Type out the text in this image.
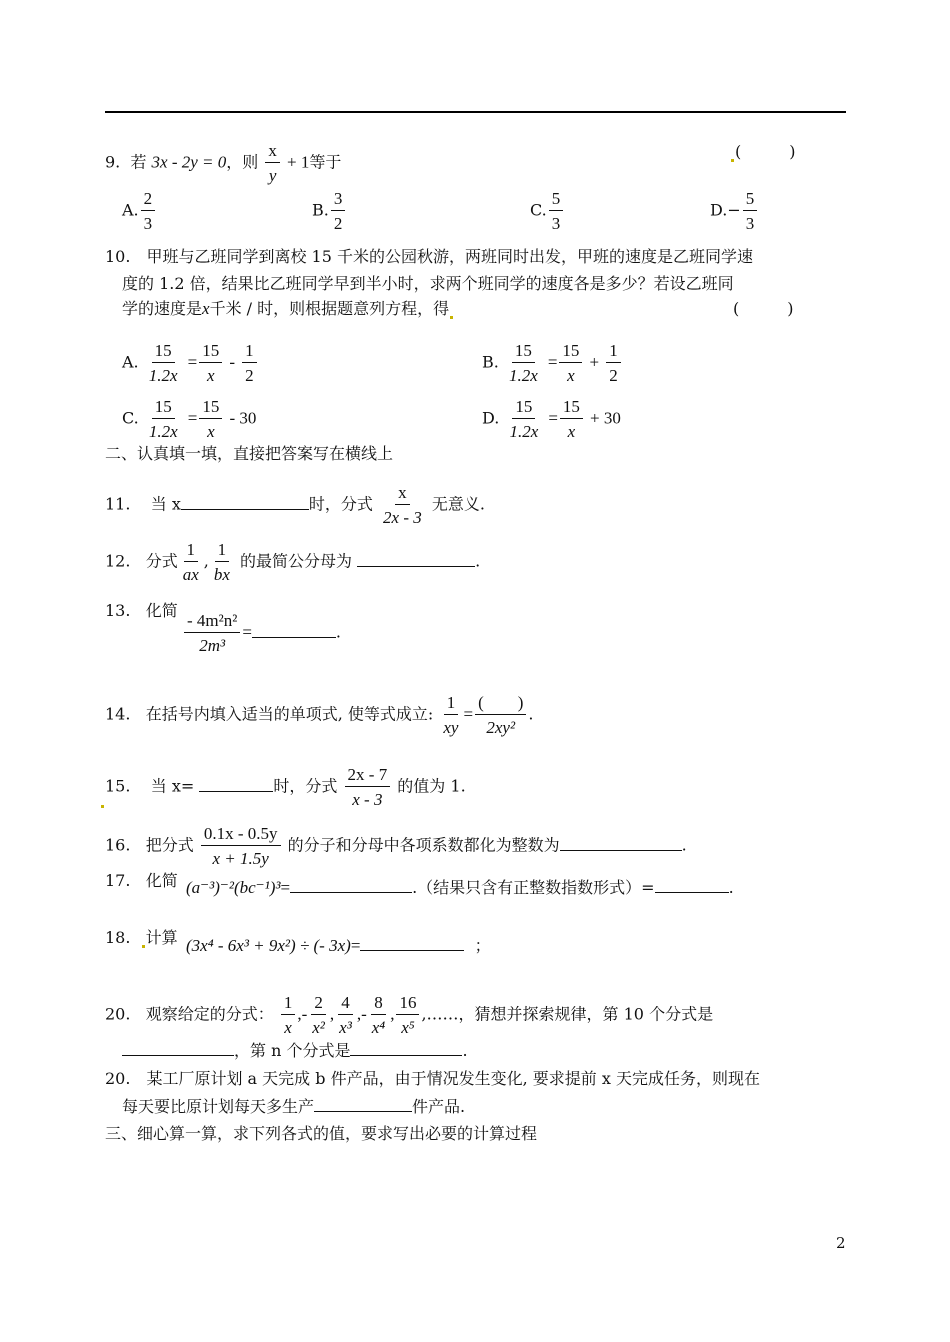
9. 若 3x - 2y = 0，则 $\frac{x}{y} + 1$等于
(　　　)
A. $\frac{2}{3}$	B. $\frac{3}{2}$	C. $\frac{5}{3}$	$D.- \frac{5}{3}$
10.　甲班与乙班同学到离校 15 千米的公园秋游，两班同时出发，甲班的速度是乙班同学速
度的 1.2 倍，结果比乙班同学早到半小时，求两个班同学的速度各是多少？若设乙班同
学的速度是x千米 / 时，则根据题意列方程，得	(　　　)
A. $\frac{15}{1.2x} = \frac{15}{x} - \frac{1}{2}$	B. $\frac{15}{1.2x} = \frac{15}{x} + \frac{1}{2}$
C. $\frac{15}{1.2x} = \frac{15}{x} - 30$	D. $\frac{15}{1.2x} = \frac{15}{x} + 30$
二、认真填一填，直接把答案写在横线上
11. 当 x	时，分式 $\frac{x}{2x - 3}$ 无意义.
12. 分式 $\frac{1}{ax}$ , $\frac{1}{bx}$ 的最简公分母为	.
13. 化简
$\frac{\text{- 4m²n²}}{\text{2m³}}$ =	.
14. 在括号内填入适当的单项式, 使等式成立: $\frac{1}{xy} = \frac{( )}{\text{2xy²}}$ .
15. 当 x=	时，分式 $\frac{2x - 7}{x - 3}$ 的值为 1.
16. 把分式 $\frac{0.1x - 0.5y}{x + 1.5y}$ 的分子和分母中各项系数都化为整数为	.
17. 化简 (a⁻³)⁻²(bc⁻¹)³=	.（结果只含有正整数指数形式）=	.
18. 计算 (3x⁴ - 6x³ + 9x²) ÷ (- 3x)=	；
20. 观察给定的分式： $\frac{1}{x}$ ,- $\frac{2}{\text{x²}}$ , $\frac{4}{\text{x³}}$ ,- $\frac{8}{\text{x⁴}}$ , $\frac{16}{\text{x⁵}}$ ,……，猜想并探索规律，第 10 个分式是
，第 n 个分式是	.
20.　某工厂原计划 a 天完成 b 件产品，由于情况发生变化, 要求提前 x 天完成任务，则现在
每天要比原计划每天多生产	件产品.
三、细心算一算，求下列各式的值，要求写出必要的计算过程
2
